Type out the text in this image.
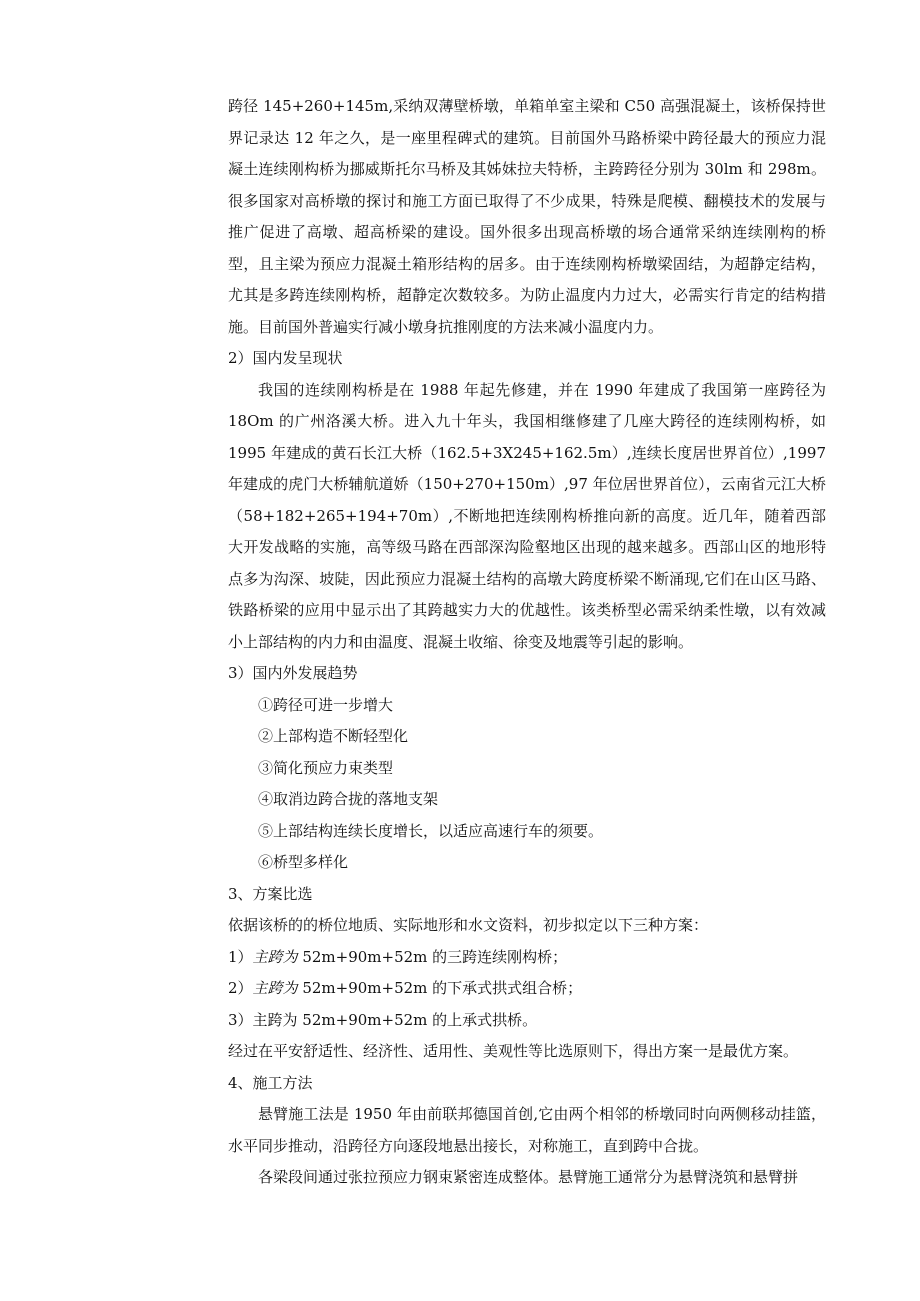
跨径 145+260+145m,采纳双薄壁桥墩，单箱单室主梁和 C50 高强混凝土，该桥保持世界记录达 12 年之久，是一座里程碑式的建筑。目前国外马路桥梁中跨径最大的预应力混凝土连续刚构桥为挪威斯托尔马桥及其姊妹拉夫特桥，主跨跨径分别为 30lm 和 298m。很多国家对高桥墩的探讨和施工方面已取得了不少成果，特殊是爬模、翻模技术的发展与推广促进了高墩、超高桥梁的建设。国外很多出现高桥墩的场合通常采纳连续刚构的桥型，且主梁为预应力混凝土箱形结构的居多。由于连续刚构桥墩梁固结，为超静定结构，尤其是多跨连续刚构桥，超静定次数较多。为防止温度内力过大，必需实行肯定的结构措施。目前国外普遍实行减小墩身抗推刚度的方法来减小温度内力。

2）国内发呈现状

我国的连续刚构桥是在 1988 年起先修建，并在 1990 年建成了我国第一座跨径为 18Om 的广州洛溪大桥。进入九十年头，我国相继修建了几座大跨径的连续刚构桥，如 1995 年建成的黄石长江大桥（162.5+3X245+162.5m）,连续长度居世界首位）,1997 年建成的虎门大桥辅航道娇（150+270+150m）,97 年位居世界首位），云南省元江大桥（58+182+265+194+70m）,不断地把连续刚构桥推向新的高度。近几年，随着西部大开发战略的实施，高等级马路在西部深沟险壑地区出现的越来越多。西部山区的地形特点多为沟深、坡陡，因此预应力混凝土结构的高墩大跨度桥梁不断涌现,它们在山区马路、铁路桥梁的应用中显示出了其跨越实力大的优越性。该类桥型必需采纳柔性墩，以有效减小上部结构的内力和由温度、混凝土收缩、徐变及地震等引起的影响。

3）国内外发展趋势

①跨径可进一步增大

②上部构造不断轻型化

③简化预应力束类型

④取消边跨合拢的落地支架

⑤上部结构连续长度增长，以适应高速行车的须要。

⑥桥型多样化

3、方案比选

依据该桥的的桥位地质、实际地形和水文资料，初步拟定以下三种方案：

1）主跨为 52m+90m+52m 的三跨连续刚构桥；

2）主跨为 52m+90m+52m 的下承式拱式组合桥；

3）主跨为 52m+90m+52m 的上承式拱桥。

经过在平安舒适性、经济性、适用性、美观性等比选原则下，得出方案一是最优方案。

4、施工方法

悬臂施工法是 1950 年由前联邦德国首创,它由两个相邻的桥墩同时向两侧移动挂篮，水平同步推动，沿跨径方向逐段地悬出接长，对称施工，直到跨中合拢。

各梁段间通过张拉预应力钢束紧密连成整体。悬臂施工通常分为悬臂浇筑和悬臂拼
